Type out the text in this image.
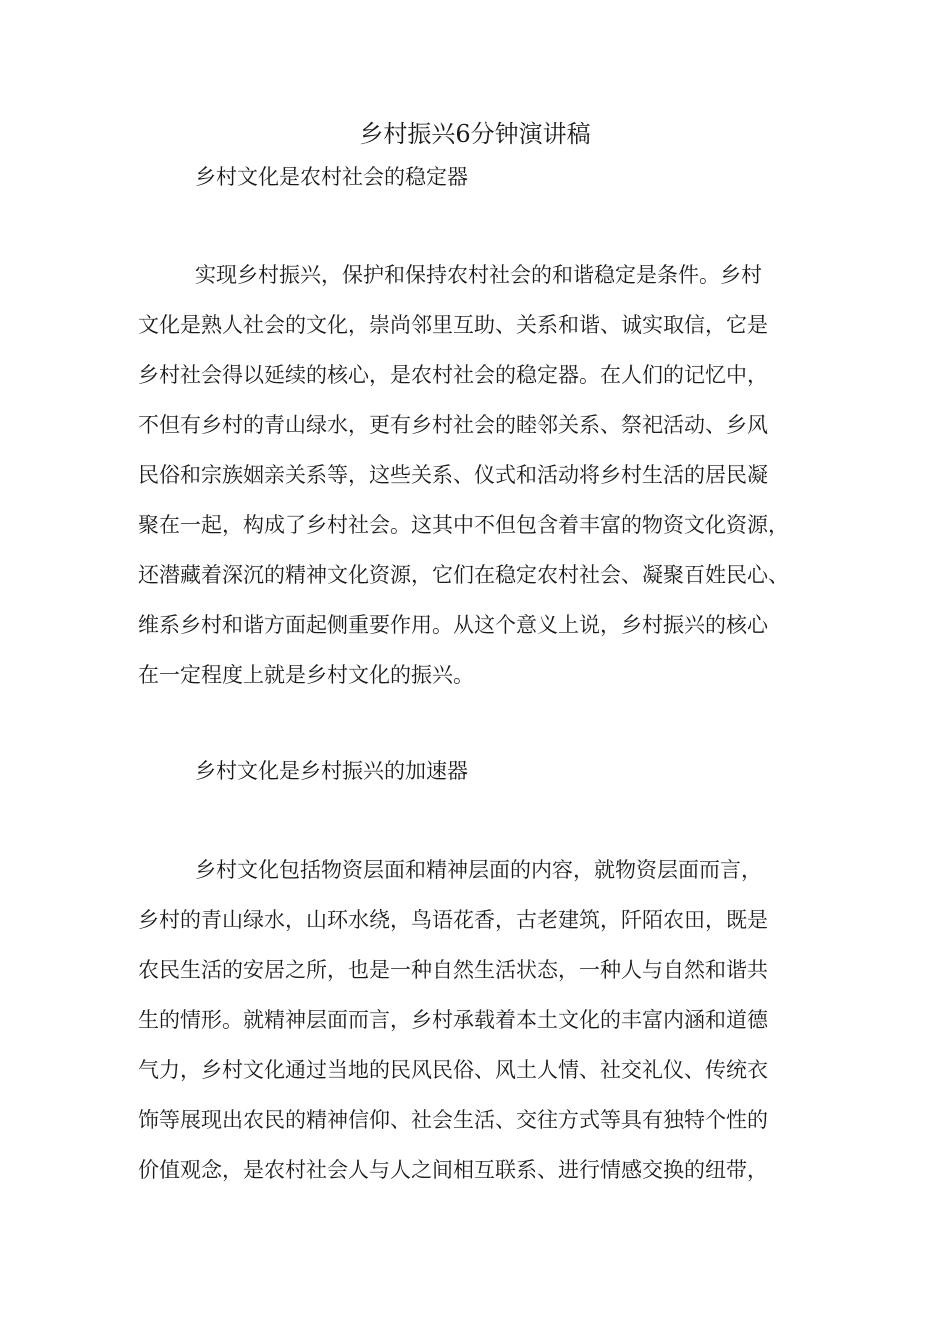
乡村振兴6分钟演讲稿
乡村文化是农村社会的稳定器
实现乡村振兴，保护和保持农村社会的和谐稳定是条件。乡村
文化是熟人社会的文化，崇尚邻里互助、关系和谐、诚实取信，它是
乡村社会得以延续的核心，是农村社会的稳定器。在人们的记忆中，
不但有乡村的青山绿水，更有乡村社会的睦邻关系、祭祀活动、乡风
民俗和宗族姻亲关系等，这些关系、仪式和活动将乡村生活的居民凝
聚在一起，构成了乡村社会。这其中不但包含着丰富的物资文化资源，
还潜藏着深沉的精神文化资源，它们在稳定农村社会、凝聚百姓民心、
维系乡村和谐方面起侧重要作用。从这个意义上说，乡村振兴的核心
在一定程度上就是乡村文化的振兴。
乡村文化是乡村振兴的加速器
乡村文化包括物资层面和精神层面的内容，就物资层面而言，
乡村的青山绿水，山环水绕，鸟语花香，古老建筑，阡陌农田，既是
农民生活的安居之所，也是一种自然生活状态，一种人与自然和谐共
生的情形。就精神层面而言，乡村承载着本土文化的丰富内涵和道德
气力，乡村文化通过当地的民风民俗、风土人情、社交礼仪、传统衣
饰等展现出农民的精神信仰、社会生活、交往方式等具有独特个性的
价值观念，是农村社会人与人之间相互联系、进行情感交换的纽带，
